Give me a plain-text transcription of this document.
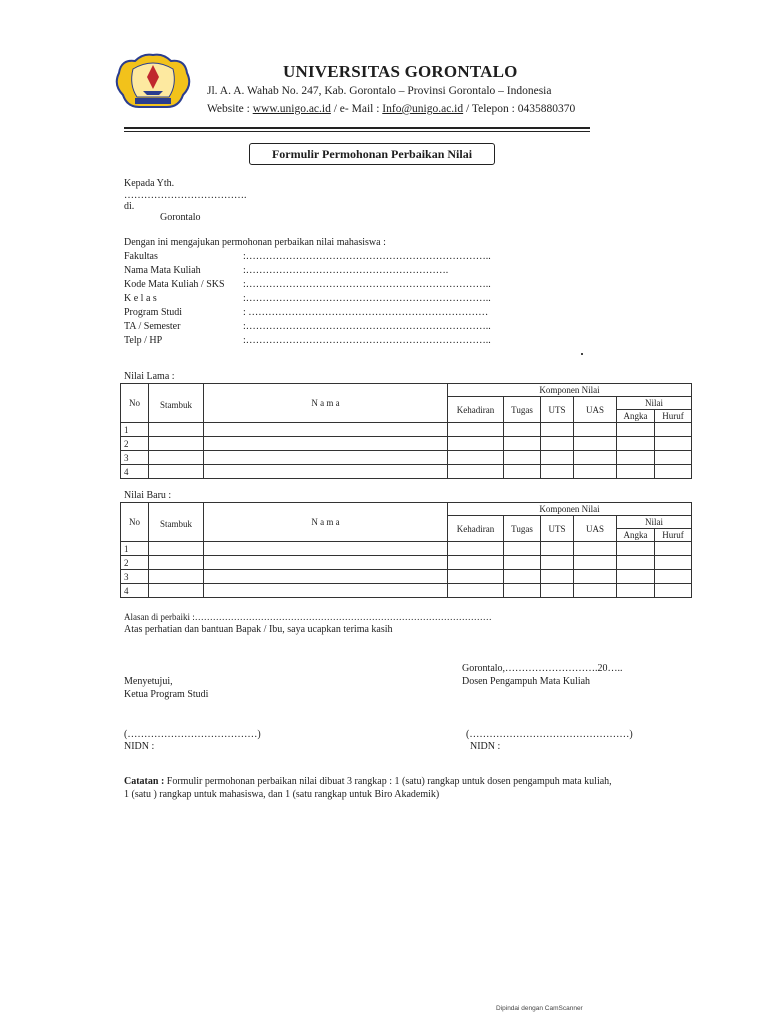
UNIVERSITAS GORONTALO
Jl. A. A. Wahab No. 247, Kab. Gorontalo – Provinsi Gorontalo – Indonesia
Website : www.unigo.ac.id / e- Mail : Info@unigo.ac.id / Telepon : 0435880370
Formulir Permohonan Perbaikan Nilai
Kepada Yth.
……………………………….
di.
Gorontalo
Dengan ini mengajukan permohonan perbaikan nilai mahasiswa :
Fakultas	:………………………………………………………………..
Nama Mata Kuliah	:…………………………………………………….
Kode Mata Kuliah / SKS :………………………………………………………………..
K e l a s	:………………………………………………………………..
Program Studi	: ………………………………………………………………
TA / Semester	:………………………………………………………………..
Telp / HP	:………………………………………………………………..
Nilai Lama :
No	Stambuk	N a m a	Komponen Nilai					
			Kehadiran	Tugas	UTS	UAS	Nilai	
							Angka	Huruf
1								
2								
3								
4								
Nilai Baru :
No	Stambuk	N a m a	Komponen Nilai					
			Kehadiran	Tugas	UTS	UAS	Nilai	
							Angka	Huruf
1								
2								
3								
4								
Alasan di perbaiki :………………………………………………………………………………………
Atas perhatian dan bantuan Bapak / Ibu, saya ucapkan terima kasih
Gorontalo,……………………….20…..
Menyetujui,	Dosen Pengampuh Mata Kuliah
Ketua Program Studi
(…………………………………)
NIDN :
(…………………………………………)
NIDN :
Catatan : Formulir permohonan perbaikan nilai dibuat 3 rangkap : 1 (satu) rangkap untuk dosen pengampuh mata kuliah,
1 (satu ) rangkap untuk mahasiswa, dan 1 (satu rangkap untuk Biro Akademik)
Dipindai dengan CamScanner
